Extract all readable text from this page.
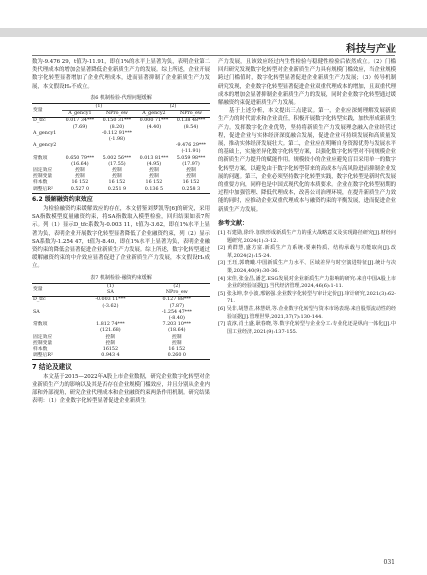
科技与产业

数为-9.476 29，t值为-11.91，即在1%的水平上显著为负，表明企业第二类代理成本的增加会显著降低企业新质生产力的发展。综上所述，企业开展数字化转型显著增加了企业代理成本，进而显著抑制了企业新质生产力发展，本文假设H₂不成立。

表6 机制检验-代理问题缓解
变量	(1)		(2)	
	A_gency1	NPro_ew	A_gency2	NPro_ew
D_tfc	0.017 34***	0.150 31***	0.000 71***	0.138 48***
	(7.69)	(8.20)	(4.40)	(8.54)
A_gency1		-0.112 91***		
		(-1.98)		
A_gency2				-9.476 29***
				(-11.91)
常数项	0.650 79***	5.002 56***	0.013 81***	5.059 98***
	(16.64)	(17.55)	(4.95)	(17.97)
固定效应	控制	控制	控制	控制
控制变量	控制	控制	控制	控制
样本数	16 152	16 152	16 152	16 152
调整后R²	0.527 0	0.251 9	0.136 5	0.258 3
6.2 缓解融资约束效应

为检验融资约束缓解效应的存在，本文借鉴刘梦凯等[6]的研究，采用SA指数模型度量融资约束，将SA指数取入模型检验，回归结果如表7所示。列（1）显示D_tfc系数为-0.003 11，t值为-3.62，即在1%水平上显著为负，表明企业开展数字化转型显著降低了企业融资约束，列（2）显示SA系数为-1.254 47，t值为-8.40，即在1%水平上显著为负，表明企业融资约束的降低会显著促进企业新质生产力发展。综上所述，数字化转型通过缓解融资约束的中介效应显著促进了企业新质生产力发展，本文假设H₃成立。

表7 机制检验-融资约束缓解
变量	(1)	(2)
	SA	NPro_ew
D_tfc	-0.003 11***	0.127 88***
	(-3.62)	(7.87)
SA		-1.254 47***
		(-8.40)
常数项	1.812 74***	7.203 10***
	(121.68)	(18.64)
固定效应	控制	控制
控制变量	控制	控制
样本数	16152	16 152
调整后R²	0.943 4	0.260 0
7 结论及建议

本文基于2015—2022年A股上市企业数据，研究企业数字化转型对企业新质生产力的影响以及其是否存在企业规模门槛效应，并且分别从企业内部和外部视角，研究企业代理成本和企业融资约束两条作用机制。研究结果表明：（1）企业数字化转型显著促进企业新质生

产力发展，且该效应经过内生性检验与稳健性检验后依然成立。（2）门槛回归研究发现数字化转型对企业新质生产力具有规模门槛效应，当企业规模跨过门槛值时，数字化转型显著促进企业新质生产力发展；（3）传导机制研究发现，企业数字化转型显著促进企业双重代理成本的增加，且双重代理成本的增加会显著抑制企业新质生产力的发展，同时企业数字化转型通过缓解融资约束促进新质生产力发展。

基于上述分析，本文提出三点建议。第一，企业应深刻理解发展新质生产力的时代需求和企业责任，积极开展数字化转型实践，加快形成新质生产力。发挥数字化企业优势，坚持将新质生产力发展理念融入企业经营过程，促进企业与实体经济深度融合发展，促进企业可持续发展和高质量发展，推动实体经济发展壮大。第二，企业应在明晰自身资源优势与发展水平的基础上，实施差异化数字化转型方案，以强化数字化转型对不同规模企业的新质生产力提升的赋能作用。规模较小的企业应避免盲目采用单一的数字化转型方案，以避免由于数字化转型带来的高成本与高风险进而抑制企业发展的问题。第三，企业必须坚持数字化转型实践，数字化转型是新时代发展的重要方向，同样也是中国式现代化的本质要求。企业在数字化转型初期的过程中加强管理、降低代理成本，改善公司治理环境，在提升新质生产力效能的同时，应推动企业双重代理成本与融资约束的平衡发展，进而促进企业新质生产力发展。

参考文献：

[1] 石建勋,徐玲.加快形成新质生产力的重大战略意义及实现路径研究[J].财经问题研究,2024(1):3-12.

[2] 黄群慧,盛方富.新质生产力系统:要素特质、结构承载与功能取向[J].改革,2024(2):15-24.

[3] 王珏,郭晓曦.中国新质生产力水平、区域差异与时空演进特征[J].统计与决策,2024,40(9):30-36.

[4] 宋佳,张金昌,潘艺.ESG发展对企业新质生产力影响的研究:来自中国A股上市企业的经验证据[J].当代经济管理,2024,46(6):1-11.

[5] 张永坤,李小波,邢铭强.企业数字化转型与审计定价[J].审计研究,2021(3):62-71.

[6] 吴非,胡慧芷,林慧妍,等.企业数字化转型与资本市场表现:来自股票流动性的经验证据[J].管理世界,2021,37(7):130-144.

[7] 袁淳,肖土盛,耿春晓,等.数字化转型与企业分工:专业化还是纵向一体化[J].中国工业经济,2021(9):137-155.

031
